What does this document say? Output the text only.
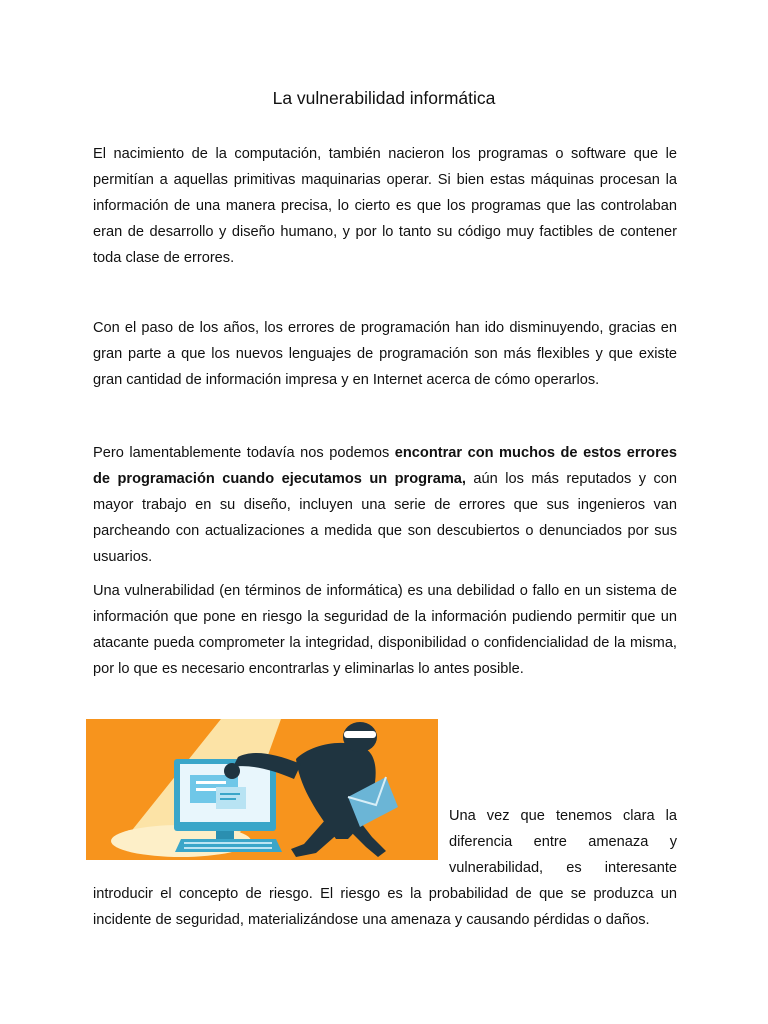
La vulnerabilidad informática

El nacimiento de la computación, también nacieron los programas o software que le permitían a aquellas primitivas maquinarias operar. Si bien estas máquinas procesan la información de una manera precisa, lo cierto es que los programas que las controlaban eran de desarrollo y diseño humano, y por lo tanto su código muy factibles de contener toda clase de errores.

Con el paso de los años, los errores de programación han ido disminuyendo, gracias en gran parte a que los nuevos lenguajes de programación son más flexibles y que existe gran cantidad de información impresa y en Internet acerca de cómo operarlos.

Pero lamentablemente todavía nos podemos encontrar con muchos de estos errores de programación cuando ejecutamos un programa, aún los más reputados y con mayor trabajo en su diseño, incluyen una serie de errores que sus ingenieros van parcheando con actualizaciones a medida que son descubiertos o denunciados por sus usuarios.

Una vulnerabilidad (en términos de informática) es una debilidad o fallo en un sistema de información que pone en riesgo la seguridad de la información pudiendo permitir que un atacante pueda comprometer la integridad, disponibilidad o confidencialidad de la misma, por lo que es necesario encontrarlas y eliminarlas lo antes posible.

Una vez que tenemos clara la diferencia entre amenaza y vulnerabilidad, es interesante

introducir el concepto de riesgo. El riesgo es la probabilidad de que se produzca un incidente de seguridad, materializándose una amenaza y causando pérdidas o daños.
